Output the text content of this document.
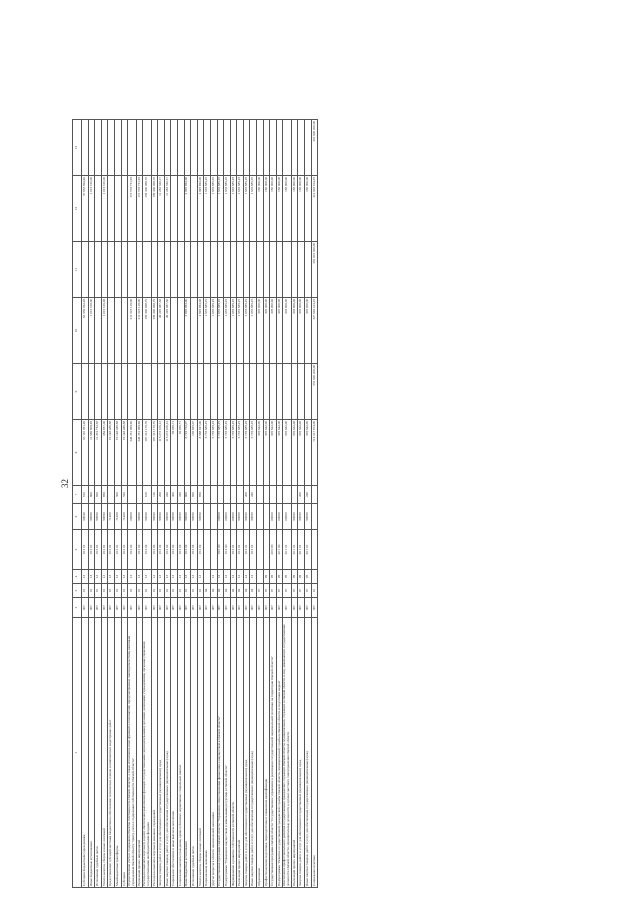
32
1	2	3	4	5	6	7	8	9	10	11	12	13
Субсидии бюджетным учреждениям	007	01	13	19 2 01	99040	610	63 110 051,29		63 539 262,28		57 653 694,46	
Иные бюджетные ассигнования	007	01	13	19 2 01	99090	800	11 586 609,65		1 015 316,00		1 015 316,00	
Исполнение судебных актов	007	01	13	19 2 01	99090	830	11 201 752,65					
Уплата налогов, сборов и иных платежей	007	01	13	19 2 01	99090	850	384 857,00		1 015 316,00		1 015 316,00	
Предоставление субсидий местным бюджетам на обеспечение технических планов и комплексных кадастровых работ	007	01	13	19 2 01	71460		19 148 489,68					
Межбюджетные трансферты	007	01	13	19 2 01	71460	500	19 148 489,68					
Субсидии	007	01	13	19 2 01	71460	520	19 148 489,68					
Осуществление учета и содержания объектов собственности Омской области, а также исполнение иных функций и полномочий, предусмотренных законодательством, казенным учреждением Омской области "Центр учета и содержания собственности Омской области"	007	01	13	19 2 02	00000		346 351 099,66		211 525 119,06		173 578 751,93	
Реализация прочих мероприятий	007	01	13	19 2 02	99090		346 351 099,66		211 525 119,06		173 578 751,93	
Расходы на выплаты персоналу в целях обеспечения выполнения функций государственными (муниципальными) органами, казенными учреждениями, органами управления государственными внебюджетными фондами	007	01	13	19 2 02	99090	100	187 313 179,76		159 300 068,76		159 300 068,76	
Расходы на выплаты персоналу казенных учреждений	007	01	13	19 2 02	99090	110	187 313 179,76		159 300 068,76		159 300 068,76	
Закупка товаров, работ и услуг для обеспечения государственных (муниципальных) нужд	007	01	13	19 2 02	99090	200	115 273 106,12		49 229 087,30		11 283 320,17	
Иные закупки товаров, работ и услуг для обеспечения государственных (муниципальных) нужд	007	01	13	19 2 02	99090	240	115 273 106,12		49 229 087,30		11 283 320,17	
Социальное обеспечение и иные выплаты населению	007	01	13	19 2 02	99090	300	39 036,71					
Социальные выплаты гражданам, кроме публичных нормативных социальных выплат	007	01	13	19 2 02	99090	320	39 036,71					
Иные бюджетные ассигнования	007	01	13	19 2 02	99090	800	8 725 752,07		2 995 963,00		2 995 963,00	
Исполнение судебных актов	007	01	13	19 2 02	99090	830	136 825,07					
Уплата налогов, сборов и иных платежей	007	01	13	19 2 02	99090	850	8 588 927,00		2 995 963,00		2 995 963,00	
Национальная экономика	007	04					3 735 685,25		1 635 685,25		1 635 685,25	
Другие вопросы в области национальной экономики	007	04	12				3 735 685,25		1 635 685,25		1 635 685,25	
Государственная программа Омской области "Управление общественными финансами и имуществом в Омской области"	007	04	12	19 0 00	00000		3 735 685,25		1 635 685,25		1 635 685,25	
Подпрограмма "Управление имуществом и земельными ресурсами в Омской области"	007	04	12	19 2 00	00000		3 735 685,25		1 635 685,25		1 635 685,25	
Формирование и развитие собственности в Омской области	007	04	12	19 2 01	00000		3 735 685,25		1 635 685,25		1 635 685,25	
Реализация прочих мероприятий	007	04	12	19 2 01	99090		3 735 685,25		1 635 685,25		1 635 685,25	
Закупка товаров, работ и услуг для обеспечения государственных (муниципальных) нужд	007	04	12	19 2 01	99090	200	3 735 685,25		1 635 685,25		1 635 685,25	
Иные закупки товаров, работ и услуг для обеспечения государственных (муниципальных) нужд	007	04	12	19 2 01	99090	240	3 735 685,25		1 635 685,25		1 635 685,25	
Образование	007	07					305 642,00		305 000,00		150 000,00	
Профессиональная подготовка, переподготовка и повышение квалификации	007	07	05				305 642,00		305 000,00		150 000,00	
Государственная программа Омской области "Государственное управление в реализации государственной национальной политики на территории Омской области"	007	07	05	20 0 00	00000		305 642,00		305 000,00		150 000,00	
Подпрограмма "Развитие государственной гражданской службы Омской области, муниципальной службы в Омской области и подготовка кадров"	007	07	05	20 1 00	00000		305 642,00		305 000,00		150 000,00	
Обеспечение профессионального развития государственных гражданских служащих Омской области, муниципальных служащих в Омской области и лиц, замещающих государственные должности Омской области, муниципальные должности в органах местного самоуправления Омской области	007	07	05	20 1 01	00000		305 642,00		305 000,00		150 000,00	
Реализация прочих мероприятий	007	07	05	20 1 01	99090		305 642,00		305 000,00		150 000,00	
Закупка товаров, работ и услуг для обеспечения государственных (муниципальных) нужд	007	07	05	20 1 01	99090	200	305 642,00		305 000,00		150 000,00	
Иные закупки товаров, работ и услуг для обеспечения государственных (муниципальных) нужд	007	07	05	20 1 01	99090	240	305 642,00		305 000,00		150 000,00	
Социальная политика	007	10					714 317 874,06	251 600 200,00	327 662 414,25	201 601 300,00	312 602 614,25	291 600 200,00
